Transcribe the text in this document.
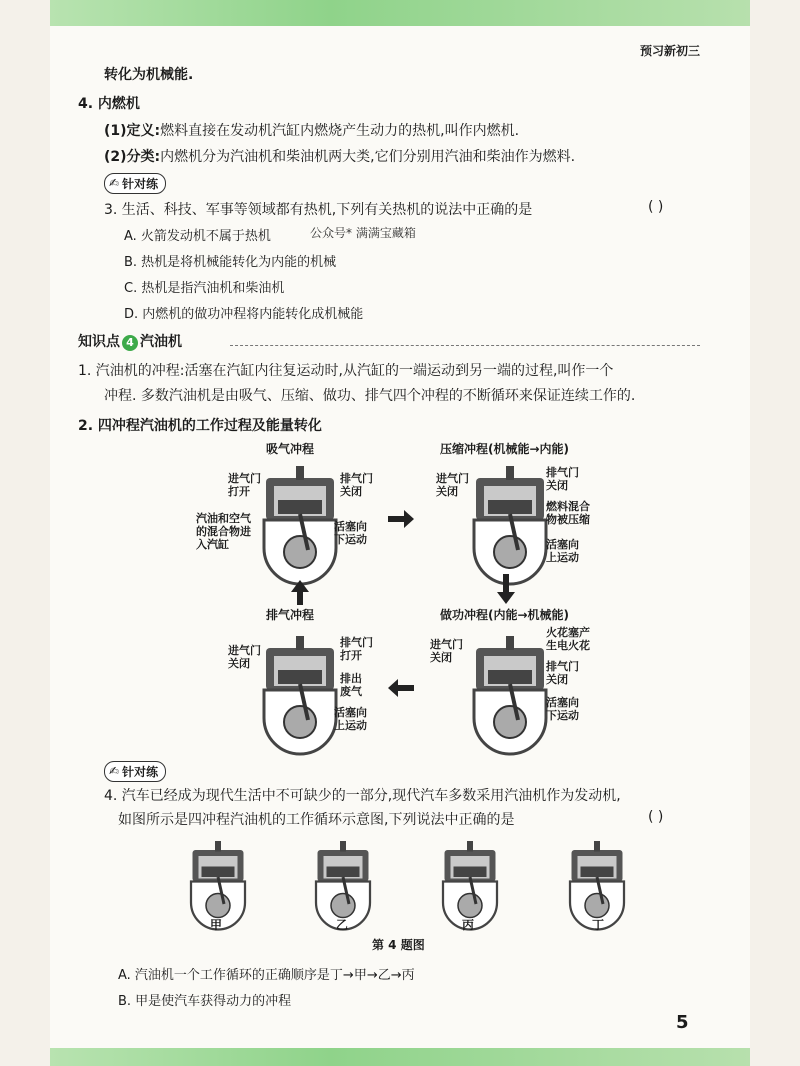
预习新初三
转化为机械能.
4. 内燃机
(1)定义:燃料直接在发动机汽缸内燃烧产生动力的热机,叫作内燃机.
(2)分类:内燃机分为汽油机和柴油机两大类,它们分别用汽油和柴油作为燃料.
✍ 针对练
3. 生活、科技、军事等领域都有热机,下列有关热机的说法中正确的是	( )
A. 火箭发动机不属于热机	公众号* 满满宝藏箱
B. 热机是将机械能转化为内能的机械
C. 热机是指汽油机和柴油机
D. 内燃机的做功冲程将内能转化成机械能
知识点 4 汽油机
1. 汽油机的冲程:活塞在汽缸内往复运动时,从汽缸的一端运动到另一端的过程,叫作一个
冲程. 多数汽油机是由吸气、压缩、做功、排气四个冲程的不断循环来保证连续工作的.
2. 四冲程汽油机的工作过程及能量转化
吸气冲程
进气门
打开
排气门
关闭
汽油和空气
的混合物进
入汽缸
活塞向
下运动
压缩冲程(机械能→内能)
进气门
关闭
排气门
关闭
燃料混合
物被压缩
活塞向
上运动
排气冲程
进气门
关闭
排气门
打开
排出
废气
活塞向
上运动
做功冲程(内能→机械能)
进气门
关闭
火花塞产
生电火花
排气门
关闭
活塞向
下运动
✍ 针对练
4. 汽车已经成为现代生活中不可缺少的一部分,现代汽车多数采用汽油机作为发动机,
如图所示是四冲程汽油机的工作循环示意图,下列说法中正确的是	( )
甲	乙	丙	丁
第 4 题图
A. 汽油机一个工作循环的正确顺序是丁→甲→乙→丙
B. 甲是使汽车获得动力的冲程
5
